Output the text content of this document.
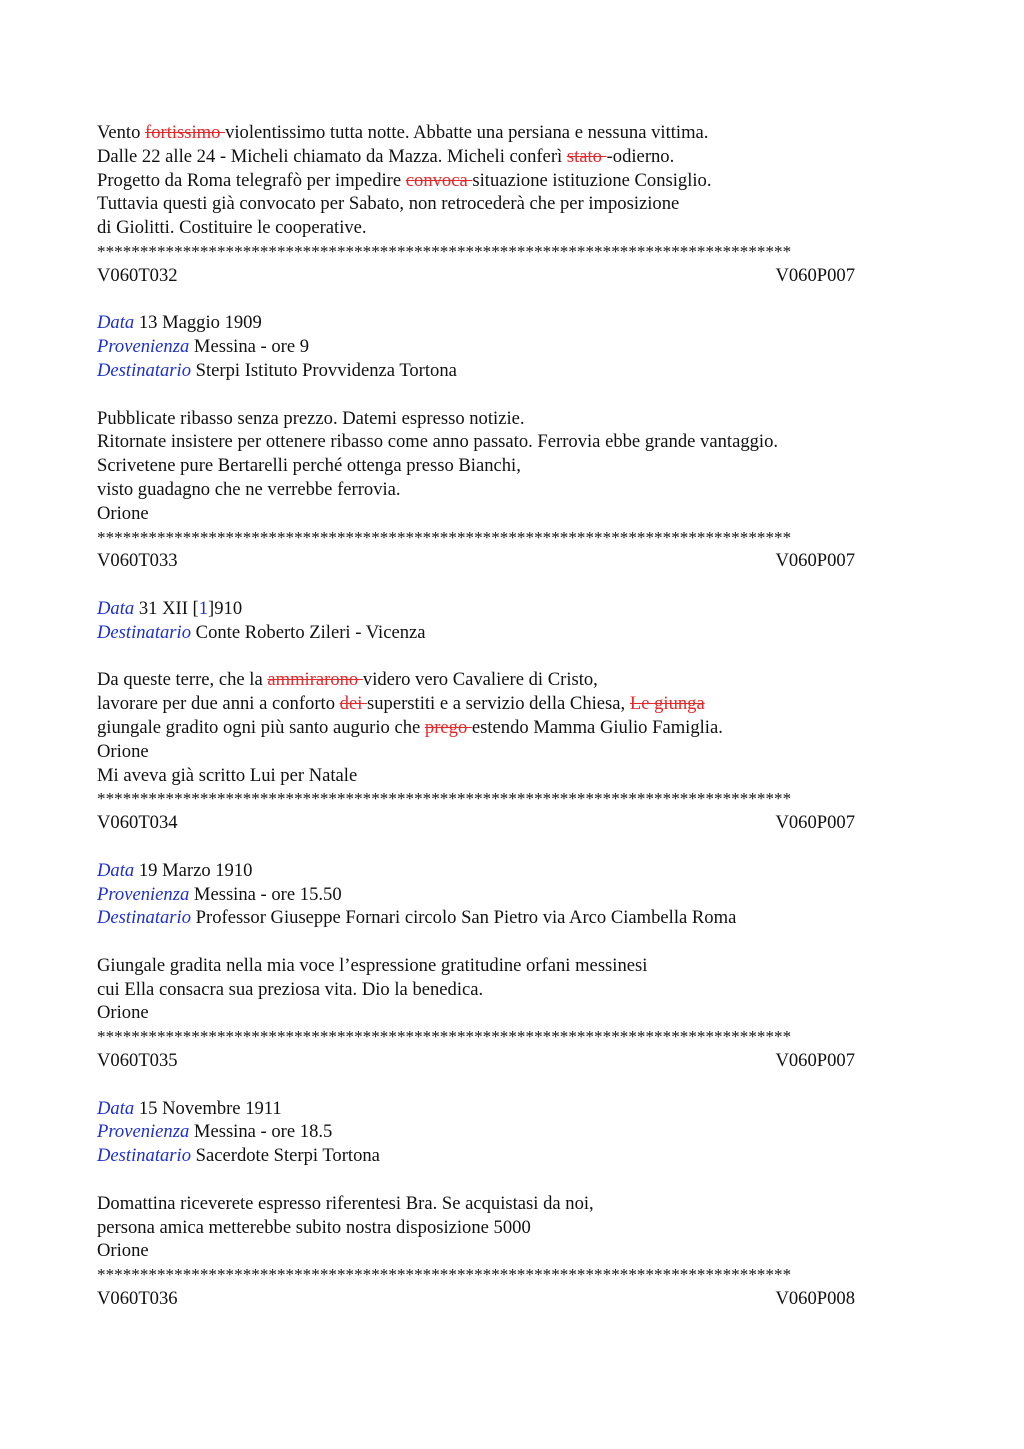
Vento fortissimo violentissimo tutta notte. Abbatte una persiana e nessuna vittima.
Dalle 22 alle 24 - Micheli chiamato da Mazza. Micheli conferì stato -odierno.
Progetto da Roma telegrafò per impedire convoca situazione istituzione Consiglio.
Tuttavia questi già convocato per Sabato, non retrocederà che per imposizione
di Giolitti. Costituire le cooperative.
*********************************************************************************
V060T032	V060P007
Data 13 Maggio 1909
Provenienza Messina - ore 9
Destinatario Sterpi Istituto Provvidenza Tortona
Pubblicate ribasso senza prezzo. Datemi espresso notizie.
Ritornate insistere per ottenere ribasso come anno passato. Ferrovia ebbe grande vantaggio.
Scrivetene pure Bertarelli perché ottenga presso Bianchi,
visto guadagno che ne verrebbe ferrovia.
Orione
*********************************************************************************
V060T033	V060P007
Data 31 XII [1]910
Destinatario Conte Roberto Zileri - Vicenza
Da queste terre, che la ammirarono videro vero Cavaliere di Cristo,
lavorare per due anni a conforto dei superstiti e a servizio della Chiesa, Le giunga
giungale gradito ogni più santo augurio che prego estendo Mamma Giulio Famiglia.
Orione
Mi aveva già scritto Lui per Natale
*********************************************************************************
V060T034	V060P007
Data 19 Marzo 1910
Provenienza Messina - ore 15.50
Destinatario Professor Giuseppe Fornari circolo San Pietro via Arco Ciambella Roma
Giungale gradita nella mia voce l’espressione gratitudine orfani messinesi
cui Ella consacra sua preziosa vita. Dio la benedica.
Orione
*********************************************************************************
V060T035	V060P007
Data 15 Novembre 1911
Provenienza Messina - ore 18.5
Destinatario Sacerdote Sterpi Tortona
Domattina riceverete espresso riferentesi Bra. Se acquistasi da noi,
persona amica metterebbe subito nostra disposizione 5000
Orione
*********************************************************************************
V060T036	V060P008
